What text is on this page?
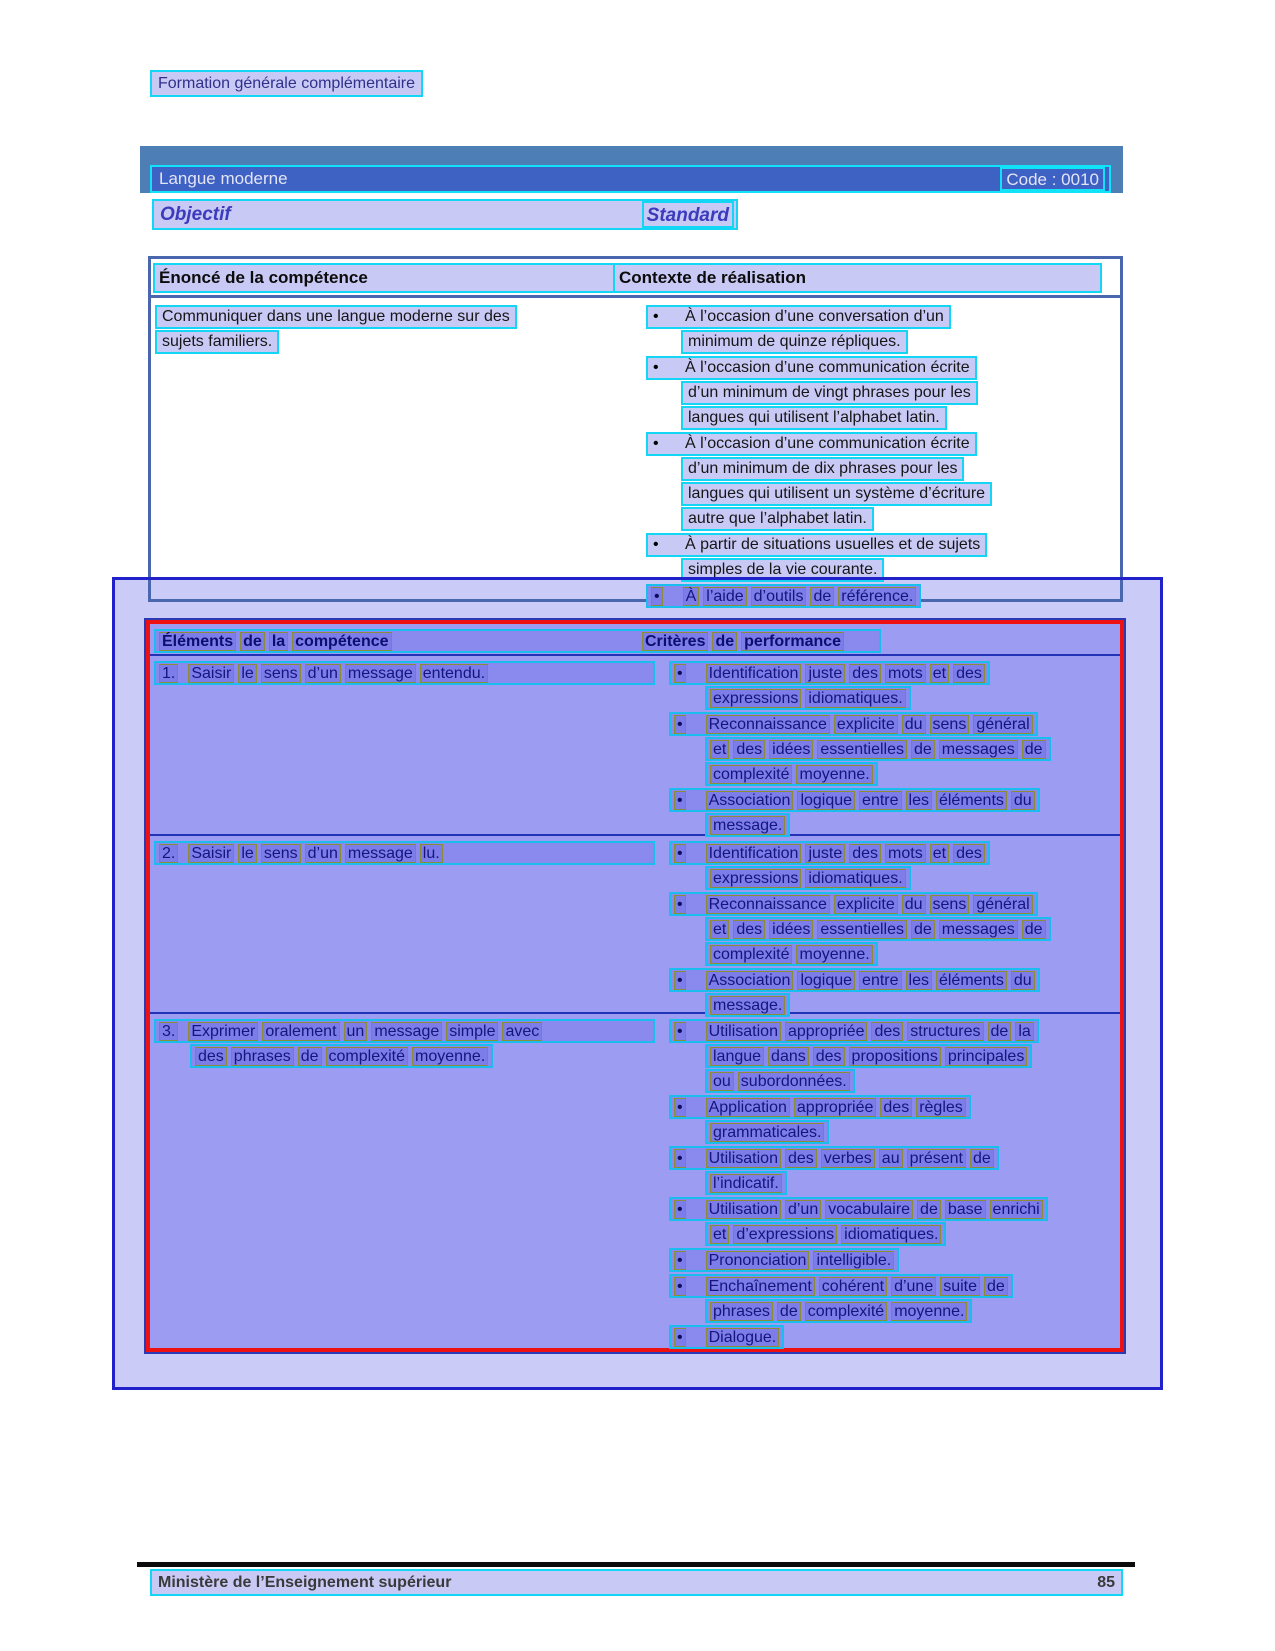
Formation générale complémentaire
Langue moderne	Code : 0010
Objectif	Standard
Énoncé de la compétence	Contexte de réalisation
Communiquer dans une langue moderne sur des
sujets familiers.
•	À l’occasion d’une conversation d’un
minimum de quinze répliques.
•	À l’occasion d’une communication écrite
d’un minimum de vingt phrases pour les
langues qui utilisent l’alphabet latin.
•	À l’occasion d’une communication écrite
d’un minimum de dix phrases pour les
langues qui utilisent un système d’écriture
autre que l’alphabet latin.
•	À partir de situations usuelles et de sujets
simples de la vie courante.
• À l’aide d’outils de référence.
Éléments de la compétence	Critères de performance
1. Saisir le sens d’un message entendu.	• Identification juste des mots et des
expressions idiomatiques.
• Reconnaissance explicite du sens général
et des idées essentielles de messages de
complexité moyenne.
• Association logique entre les éléments du
message.
2. Saisir le sens d’un message lu.	• Identification juste des mots et des
expressions idiomatiques.
• Reconnaissance explicite du sens général
et des idées essentielles de messages de
complexité moyenne.
• Association logique entre les éléments du
message.
3. Exprimer oralement un message simple avec
des phrases de complexité moyenne.
• Utilisation appropriée des structures de la
langue dans des propositions principales
ou subordonnées.
• Application appropriée des règles
grammaticales.
• Utilisation des verbes au présent de
l’indicatif.
• Utilisation d’un vocabulaire de base enrichi
et d’expressions idiomatiques.
• Prononciation intelligible.
• Enchaînement cohérent d’une suite de
phrases de complexité moyenne.
• Dialogue.
Ministère de l’Enseignement supérieur	85
